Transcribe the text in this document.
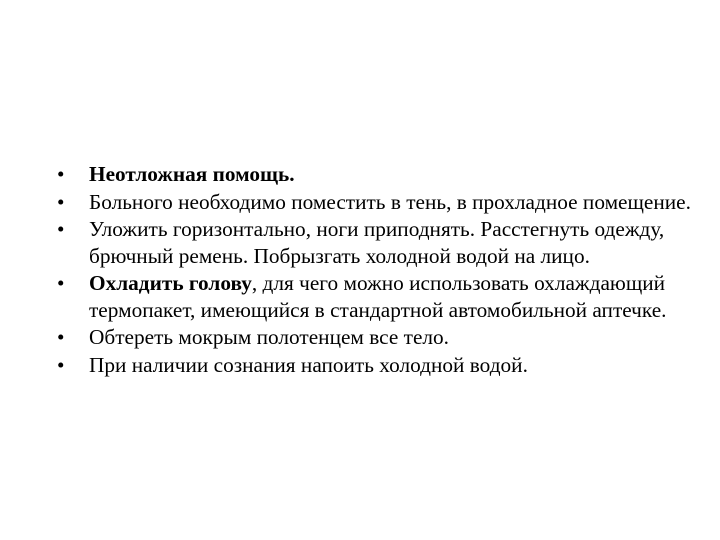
• Неотложная помощь.
• Больного необходимо поместить в тень, в прохладное помещение.
• Уложить горизонтально, ноги приподнять. Расстегнуть одежду, брючный ремень. Побрызгать холодной водой на лицо.
• Охладить голову, для чего можно использовать охлаждающий термопакет, имеющийся в стандартной автомобильной аптечке.
• Обтереть мокрым полотенцем все тело.
• При наличии сознания напоить холодной водой.
